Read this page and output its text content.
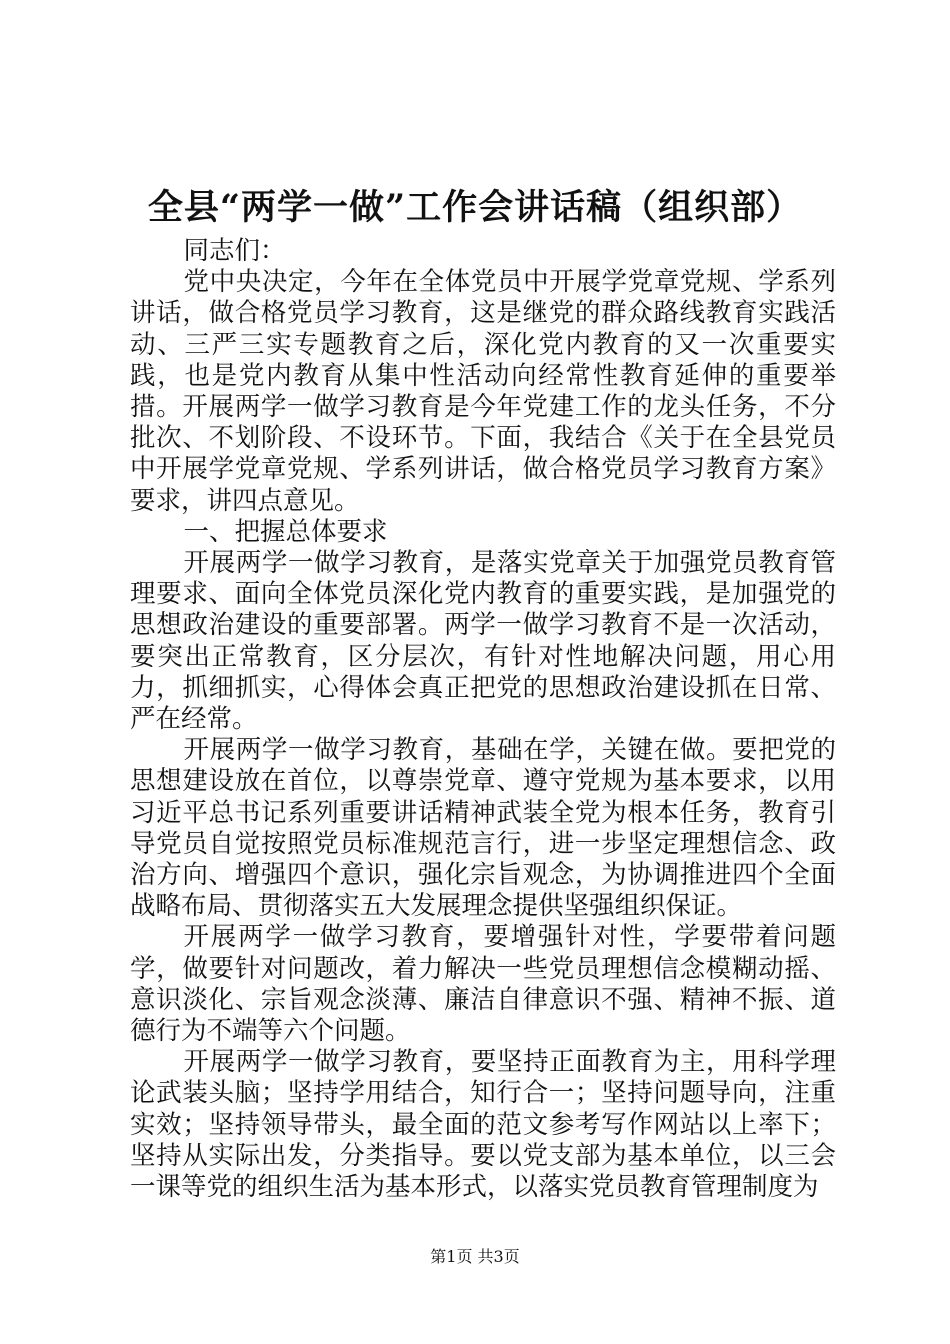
全县“两学一做”工作会讲话稿（组织部）

同志们：

党中央决定，今年在全体党员中开展学党章党规、学系列讲话，做合格党员学习教育，这是继党的群众路线教育实践活动、三严三实专题教育之后，深化党内教育的又一次重要实践，也是党内教育从集中性活动向经常性教育延伸的重要举措。开展两学一做学习教育是今年党建工作的龙头任务，不分批次、不划阶段、不设环节。下面，我结合《关于在全县党员中开展学党章党规、学系列讲话，做合格党员学习教育方案》要求，讲四点意见。

一、把握总体要求

开展两学一做学习教育，是落实党章关于加强党员教育管理要求、面向全体党员深化党内教育的重要实践，是加强党的思想政治建设的重要部署。两学一做学习教育不是一次活动，要突出正常教育，区分层次，有针对性地解决问题，用心用力，抓细抓实，心得体会真正把党的思想政治建设抓在日常、严在经常。

开展两学一做学习教育，基础在学，关键在做。要把党的思想建设放在首位，以尊崇党章、遵守党规为基本要求，以用习近平总书记系列重要讲话精神武装全党为根本任务，教育引导党员自觉按照党员标准规范言行，进一步坚定理想信念、政治方向、增强四个意识，强化宗旨观念，为协调推进四个全面战略布局、贯彻落实五大发展理念提供坚强组织保证。

开展两学一做学习教育，要增强针对性，学要带着问题学，做要针对问题改，着力解决一些党员理想信念模糊动摇、意识淡化、宗旨观念淡薄、廉洁自律意识不强、精神不振、道德行为不端等六个问题。

开展两学一做学习教育，要坚持正面教育为主，用科学理论武装头脑；坚持学用结合，知行合一；坚持问题导向，注重实效；坚持领导带头，最全面的范文参考写作网站以上率下；坚持从实际出发，分类指导。要以党支部为基本单位，以三会一课等党的组织生活为基本形式，以落实党员教育管理制度为

第1页 共3页
